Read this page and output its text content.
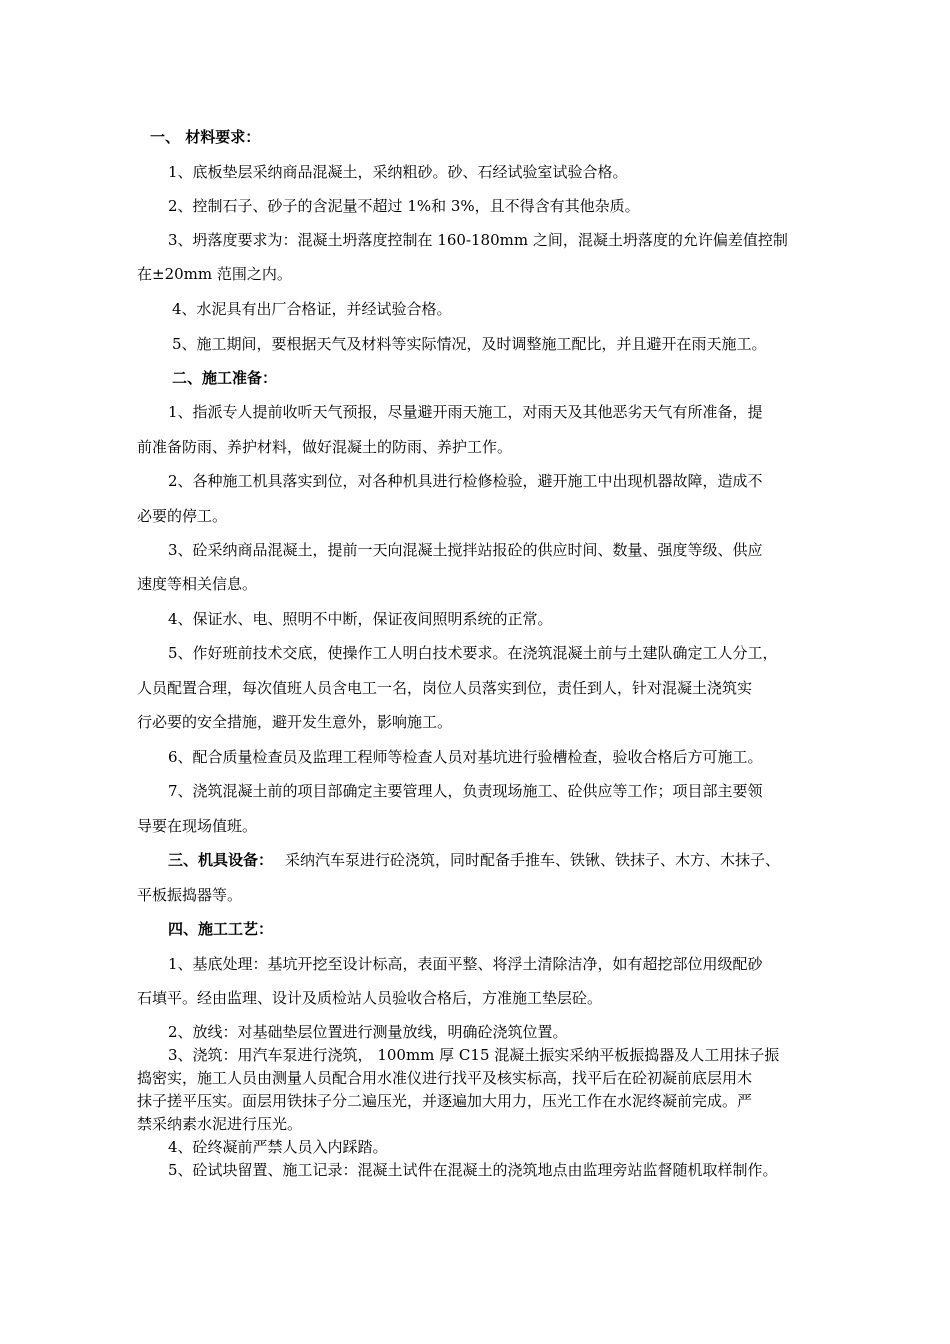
一、 材料要求：
1、底板垫层采纳商品混凝土，采纳粗砂。砂、石经试验室试验合格。
2、控制石子、砂子的含泥量不超过 1%和 3%，且不得含有其他杂质。
3、坍落度要求为：混凝土坍落度控制在 160-180mm 之间，混凝土坍落度的允许偏差值控制
在±20mm 范围之内。
4、水泥具有出厂合格证，并经试验合格。
5、施工期间，要根据天气及材料等实际情况，及时调整施工配比，并且避开在雨天施工。
二、施工准备：
1、指派专人提前收听天气预报，尽量避开雨天施工，对雨天及其他恶劣天气有所准备，提
前准备防雨、养护材料，做好混凝土的防雨、养护工作。
2、各种施工机具落实到位，对各种机具进行检修检验，避开施工中出现机器故障，造成不
必要的停工。
3、砼采纳商品混凝土，提前一天向混凝土搅拌站报砼的供应时间、数量、强度等级、供应
速度等相关信息。
4、保证水、电、照明不中断，保证夜间照明系统的正常。
5、作好班前技术交底，使操作工人明白技术要求。在浇筑混凝土前与土建队确定工人分工，
人员配置合理，每次值班人员含电工一名，岗位人员落实到位，责任到人，针对混凝土浇筑实
行必要的安全措施，避开发生意外，影响施工。
6、配合质量检查员及监理工程师等检查人员对基坑进行验槽检查，验收合格后方可施工。
7、浇筑混凝土前的项目部确定主要管理人，负责现场施工、砼供应等工作；项目部主要领
导要在现场值班。
三、机具设备： 采纳汽车泵进行砼浇筑，同时配备手推车、铁锹、铁抹子、木方、木抹子、
平板振捣器等。
四、施工工艺：
1、基底处理：基坑开挖至设计标高，表面平整、将浮土清除洁净，如有超挖部位用级配砂
石填平。经由监理、设计及质检站人员验收合格后，方准施工垫层砼。
2、放线：对基础垫层位置进行测量放线，明确砼浇筑位置。
3、浇筑：用汽车泵进行浇筑， 100mm 厚 C15 混凝土振实采纳平板振捣器及人工用抹子振
捣密实，施工人员由测量人员配合用水准仪进行找平及核实标高，找平后在砼初凝前底层用木
抹子搓平压实。面层用铁抹子分二遍压光，并逐遍加大用力，压光工作在水泥终凝前完成。严
禁采纳素水泥进行压光。
4、砼终凝前严禁人员入内踩踏。
5、砼试块留置、施工记录：混凝土试件在混凝土的浇筑地点由监理旁站监督随机取样制作。
